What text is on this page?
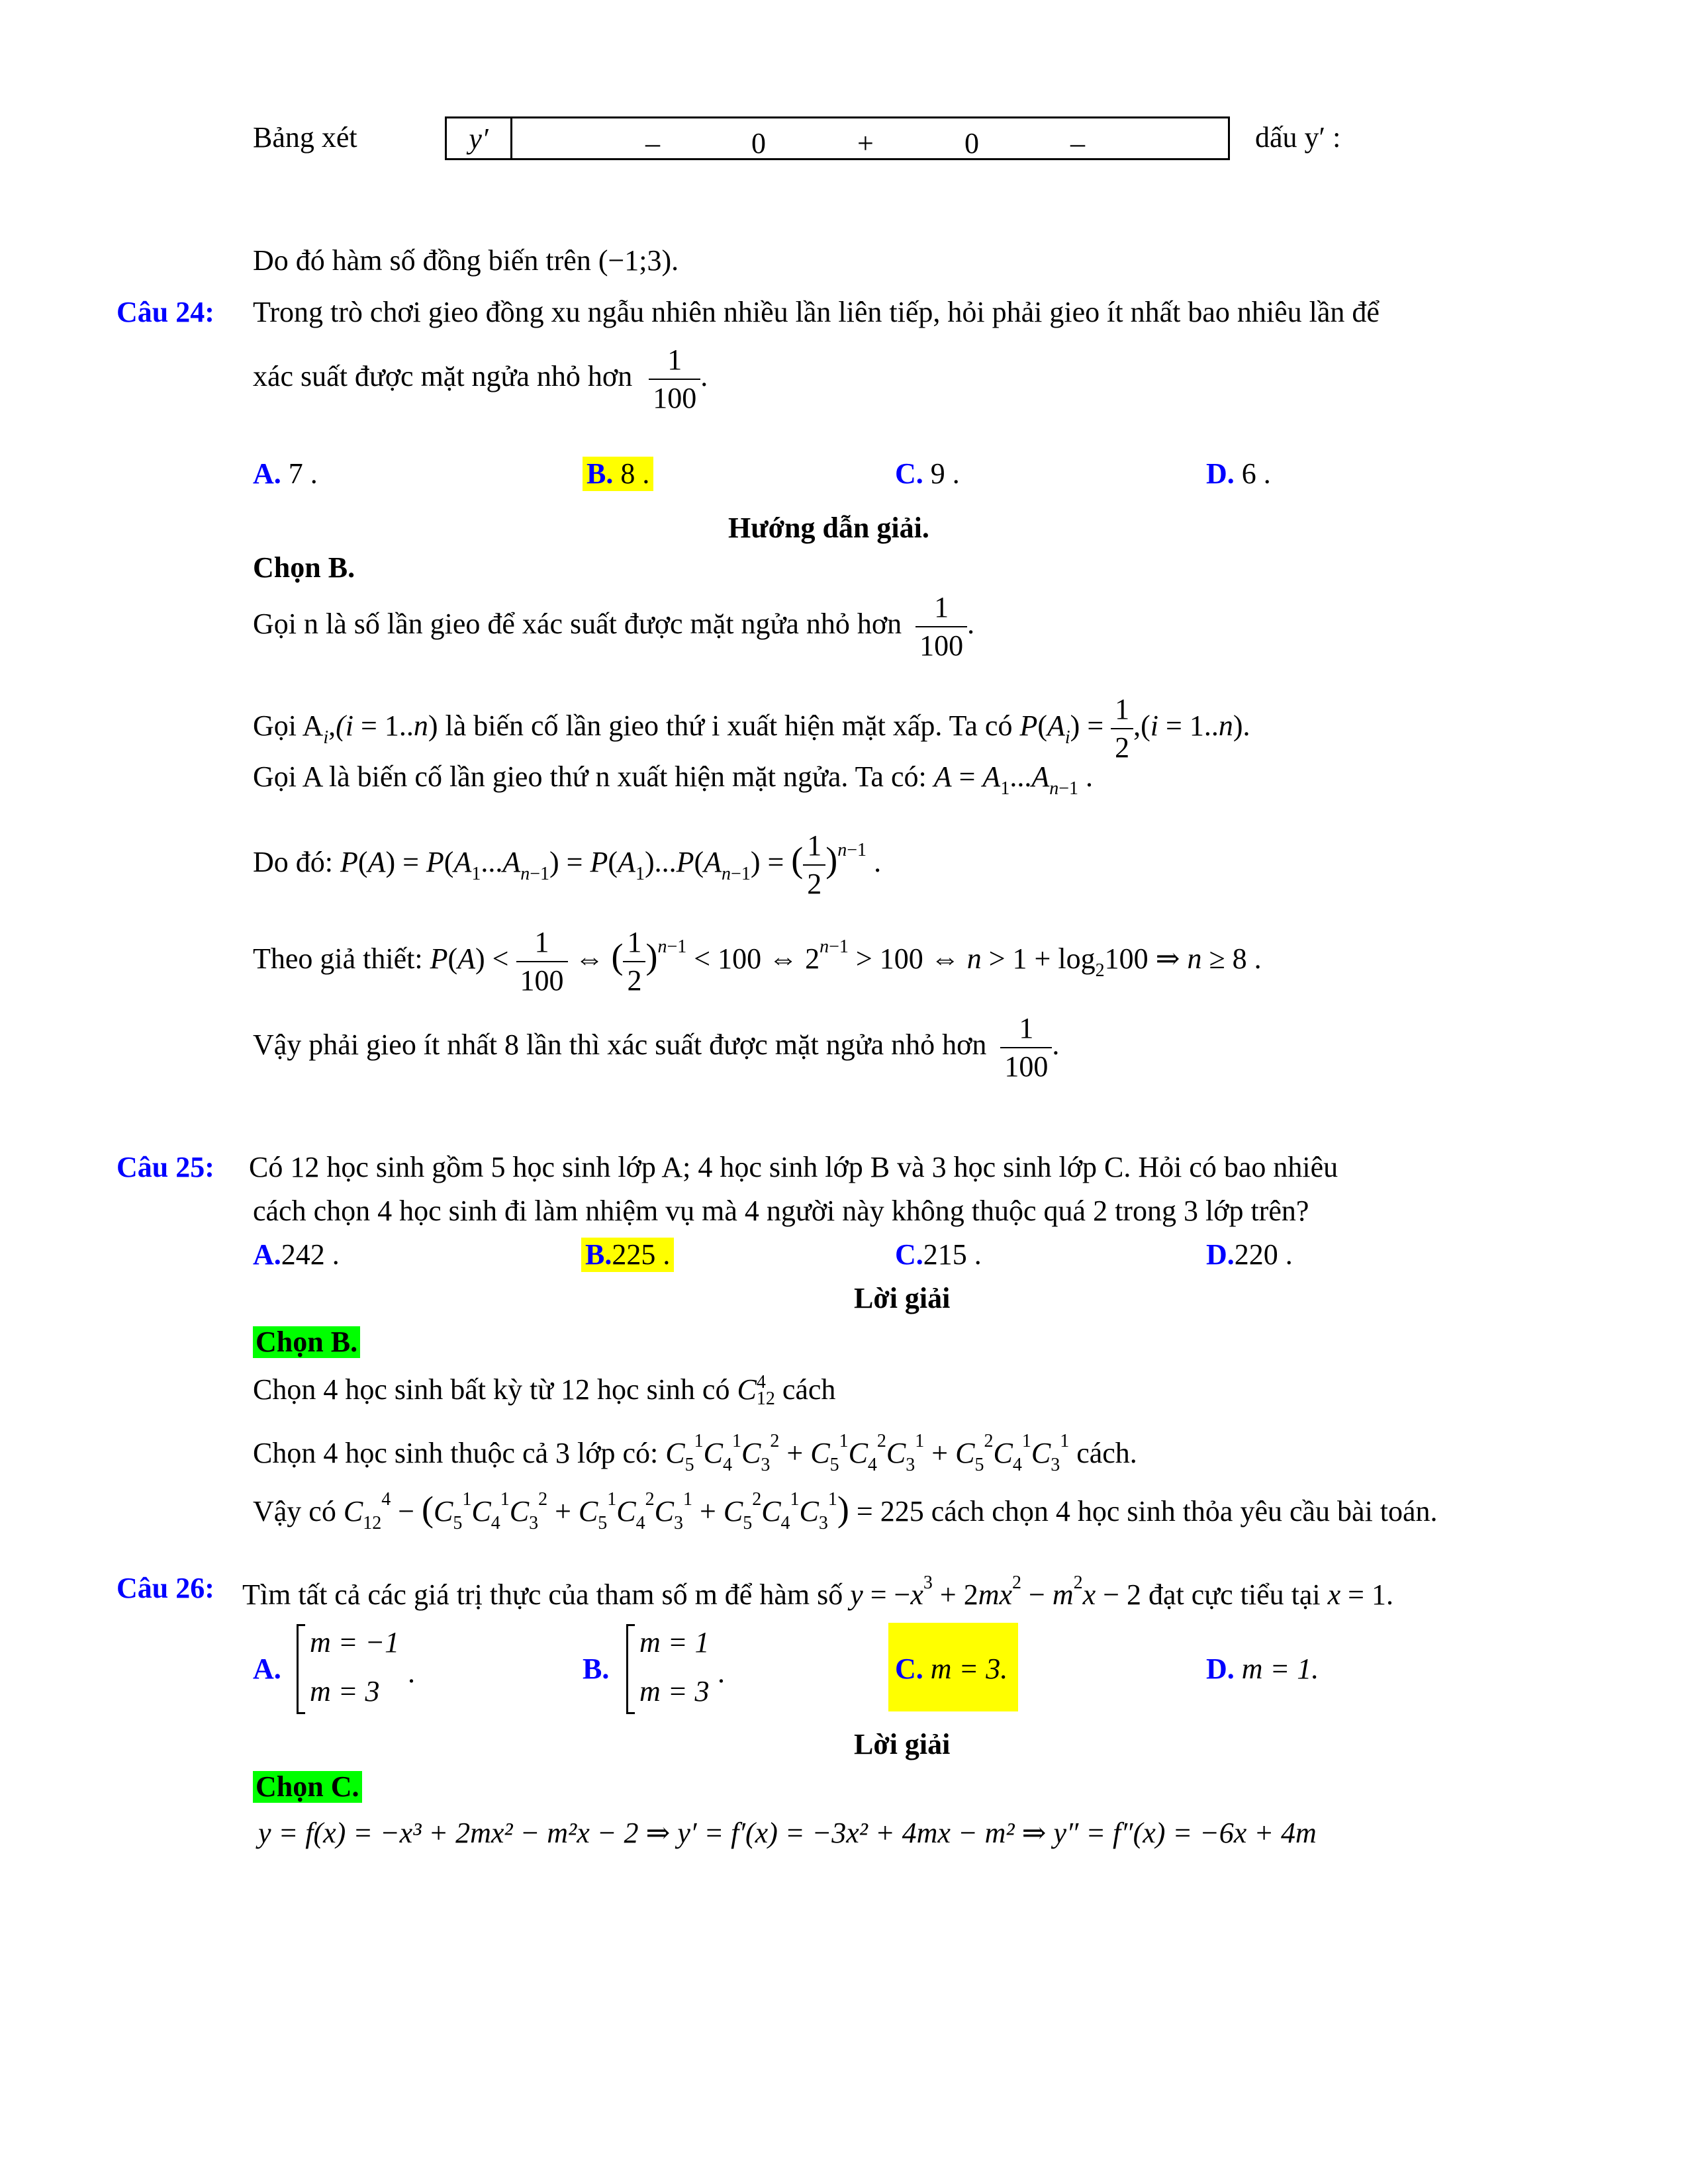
Bảng xét	y′	–	0	+	0	–	dấu y′ :
Do đó hàm số đồng biến trên (−1;3).
Câu 24: Trong trò chơi gieo đồng xu ngẫu nhiên nhiều lần liên tiếp, hỏi phải gieo ít nhất bao nhiêu lần để
xác suất được mặt ngửa nhỏ hơn $\frac{1}{100}$ .
A. 7 .	B. 8 .	C. 9 .	D. 6 .
Hướng dẫn giải.
Chọn B.
Gọi n là số lần gieo để xác suất được mặt ngửa nhỏ hơn $\frac{1}{100}$ .
Gọi $A_i,(i = 1..n)$ là biến cố lần gieo thứ i xuất hiện mặt xấp. Ta có $P(A_i) = \frac{1}{2} ,(i = 1..n)$.
Gọi A là biến cố lần gieo thứ n xuất hiện mặt ngửa. Ta có: $A = A_1...A_{n-1}$ .
Do đó: $P(A) = P(A_1...A_{n-1}) = P(A_1)...P(A_{n-1})$ = ( $\frac{1}{2} )^{n-1}$ .
Theo giả thiết: $P(A) < \frac{1}{100}$ ⇔ ( $\frac{1}{2} )^{n-1} < 100$ ⇔ $2^{n-1} > 100$ ⇔ $n > 1 + \log_2100$ ⇒ n ≥ 8 .
Vậy phải gieo ít nhất 8 lần thì xác suất được mặt ngửa nhỏ hơn $\frac{1}{100}$ .
Câu 25: Có 12 học sinh gồm 5 học sinh lớp A; 4 học sinh lớp B và 3 học sinh lớp C. Hỏi có bao nhiêu
cách chọn 4 học sinh đi làm nhiệm vụ mà 4 người này không thuộc quá 2 trong 3 lớp trên?
A.242 .	B.225 .	C.215 .	D.220 .
Lời giải
Chọn B.
Chọn 4 học sinh bất kỳ từ 12 học sinh có C 4
12 cách
Chọn 4 học sinh thuộc cả 3 lớp có: $C_5^1C_4^1C_3^2 + C_5^1C_4^2C_3^1 + C_5^2C_4^1C_3^1$ cách.
Vậy có $C_{12}^4 - (C_5^1C_4^1C_3^2 + C_5^1C_4^2C_3^1 + C_5^2C_4^1C_3^1) = 225$ cách chọn 4 học sinh thỏa yêu cầu bài toán.
Câu 26: Tìm tất cả các giá trị thực của tham số m để hàm số $y = -x^3 + 2mx^2 - m^2x - 2$ đạt cực tiểu tại x = 1.
A.
m = −1
m = 3
.	B.
m = 1
m = 3
.	C. m = 3.	D. m = 1.
Lời giải
Chọn C.
y = f(x) = −x³ + 2mx² − m²x − 2 ⇒ y′ = f′(x) = −3x² + 4mx − m² ⇒ y″ = f″(x) = −6x + 4m
